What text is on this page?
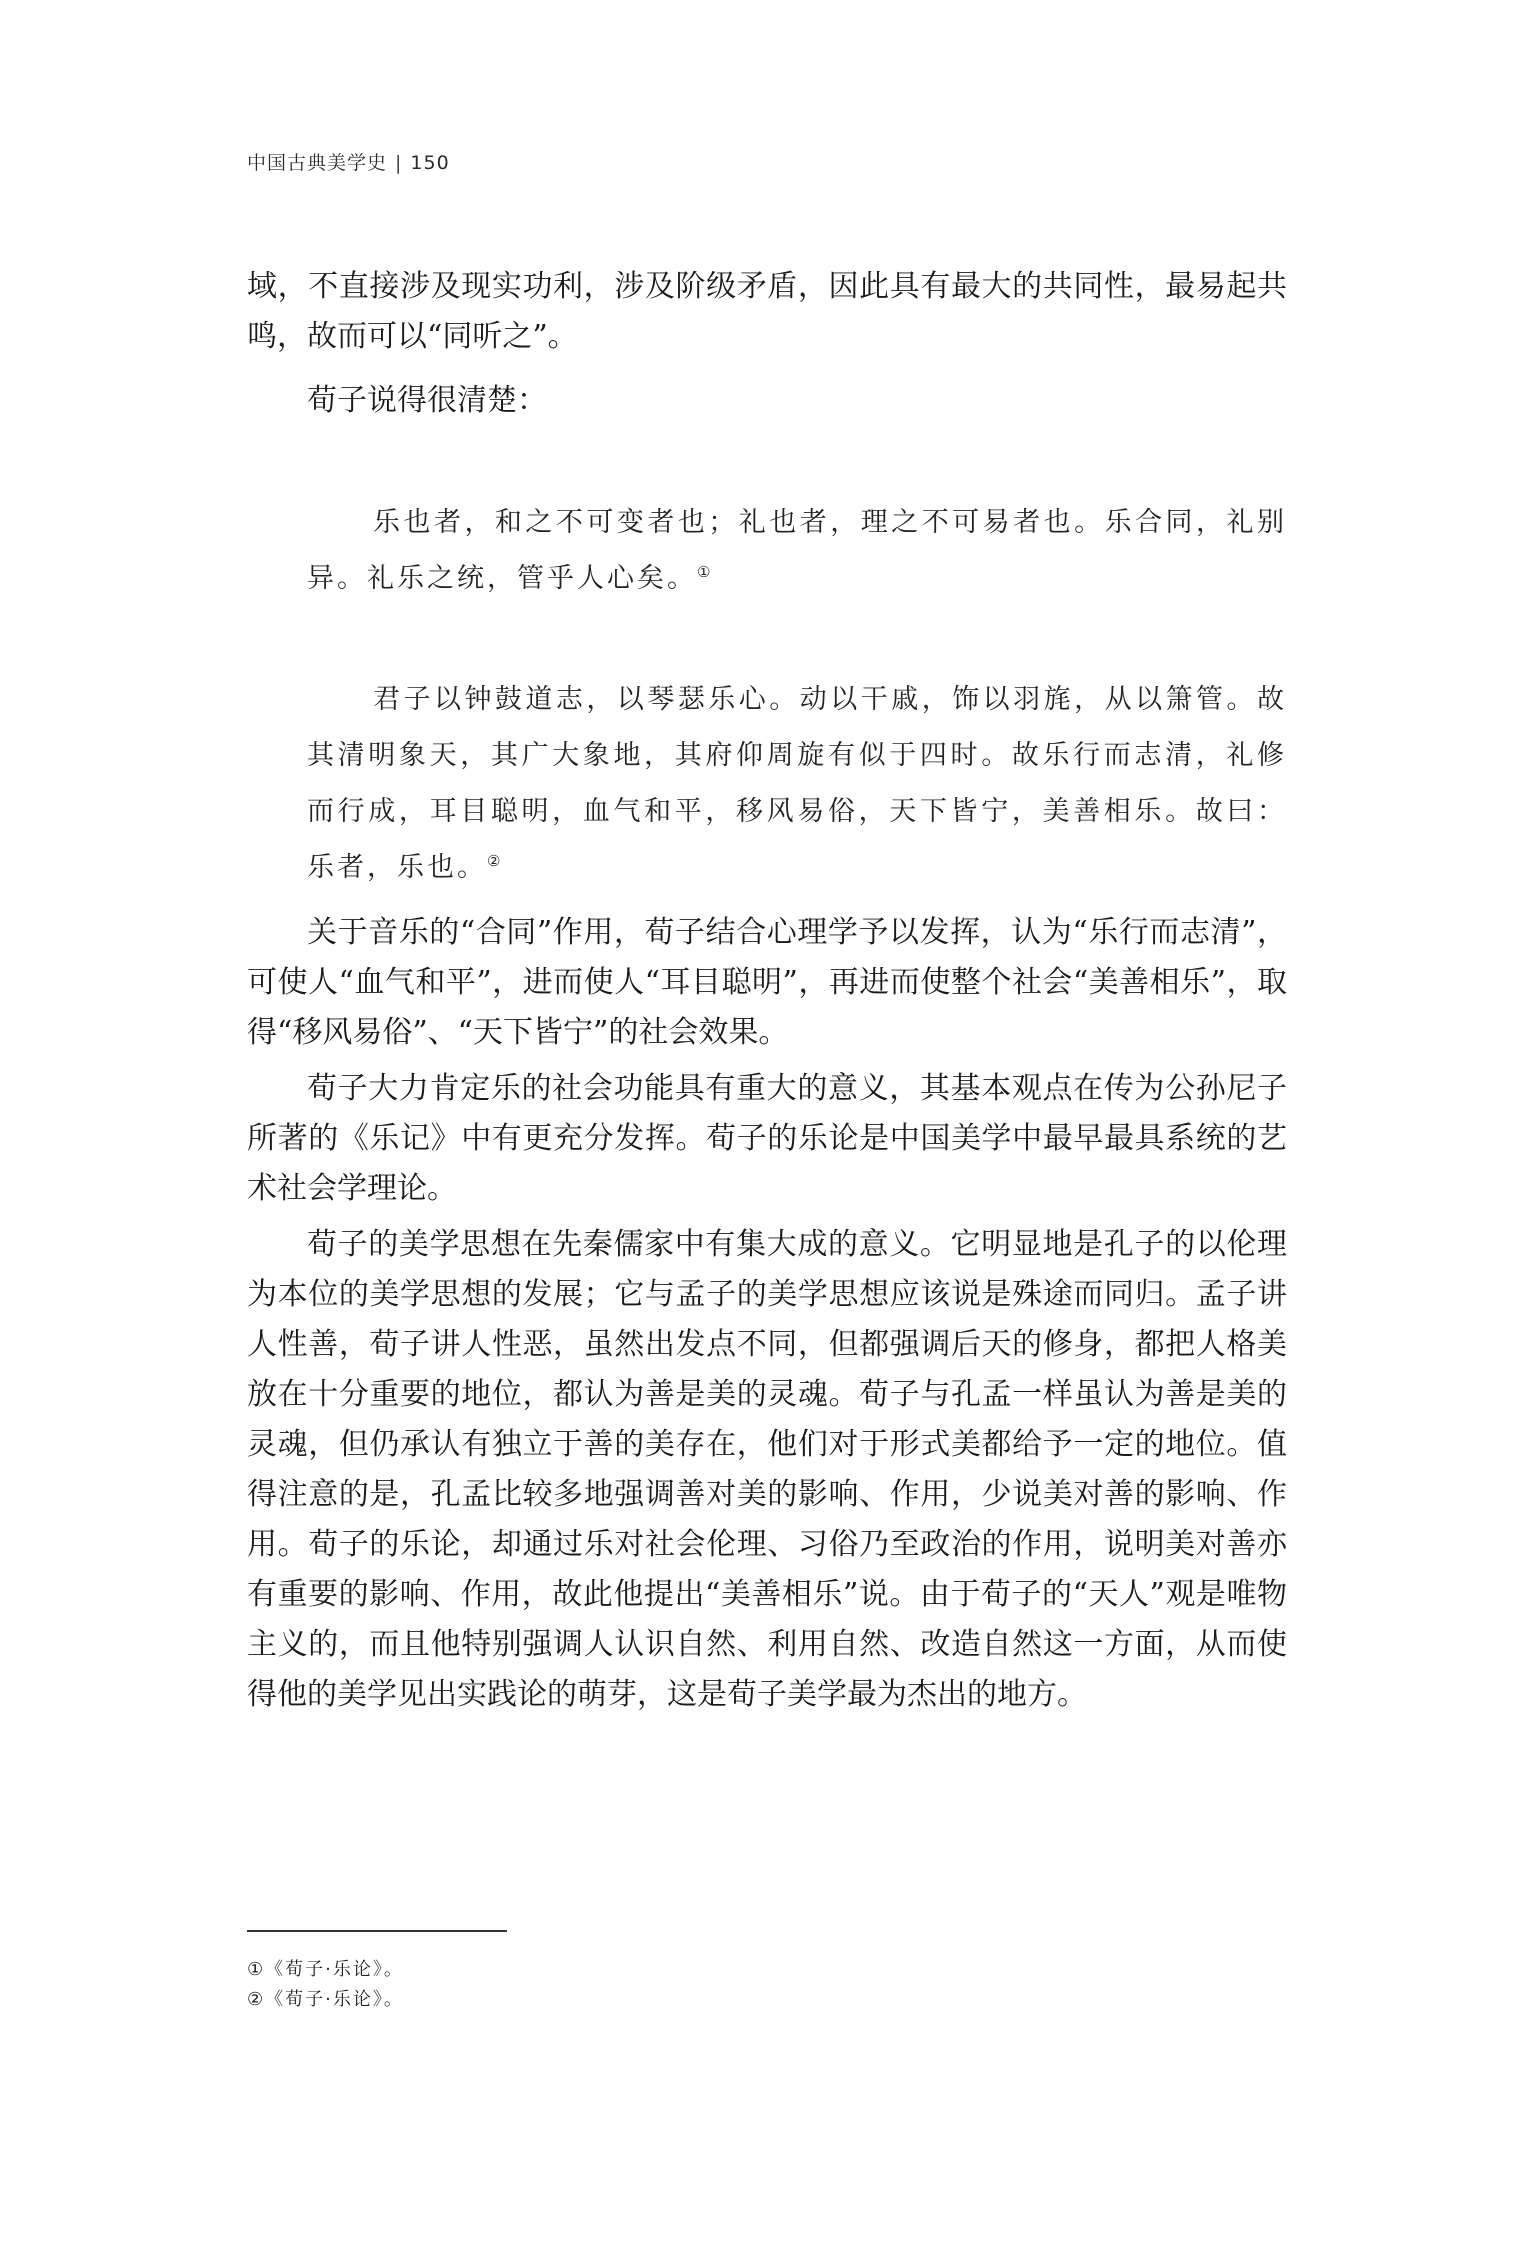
中国古典美学史 | 150

域，不直接涉及现实功利，涉及阶级矛盾，因此具有最大的共同性，最易起共鸣，故而可以“同听之”。

荀子说得很清楚：

乐也者，和之不可变者也；礼也者，理之不可易者也。乐合同，礼别异。礼乐之统，管乎人心矣。①

君子以钟鼓道志，以琴瑟乐心。动以干戚，饰以羽旄，从以箫管。故其清明象天，其广大象地，其府仰周旋有似于四时。故乐行而志清，礼修而行成，耳目聪明，血气和平，移风易俗，天下皆宁，美善相乐。故曰：乐者，乐也。②

关于音乐的“合同”作用，荀子结合心理学予以发挥，认为“乐行而志清”，可使人“血气和平”，进而使人“耳目聪明”，再进而使整个社会“美善相乐”，取得“移风易俗”、“天下皆宁”的社会效果。

荀子大力肯定乐的社会功能具有重大的意义，其基本观点在传为公孙尼子所著的《乐记》中有更充分发挥。荀子的乐论是中国美学中最早最具系统的艺术社会学理论。

荀子的美学思想在先秦儒家中有集大成的意义。它明显地是孔子的以伦理为本位的美学思想的发展；它与孟子的美学思想应该说是殊途而同归。孟子讲人性善，荀子讲人性恶，虽然出发点不同，但都强调后天的修身，都把人格美放在十分重要的地位，都认为善是美的灵魂。荀子与孔孟一样虽认为善是美的灵魂，但仍承认有独立于善的美存在，他们对于形式美都给予一定的地位。值得注意的是，孔孟比较多地强调善对美的影响、作用，少说美对善的影响、作用。荀子的乐论，却通过乐对社会伦理、习俗乃至政治的作用，说明美对善亦有重要的影响、作用，故此他提出“美善相乐”说。由于荀子的“天人”观是唯物主义的，而且他特别强调人认识自然、利用自然、改造自然这一方面，从而使得他的美学见出实践论的萌芽，这是荀子美学最为杰出的地方。

①《荀子·乐论》。
②《荀子·乐论》。
